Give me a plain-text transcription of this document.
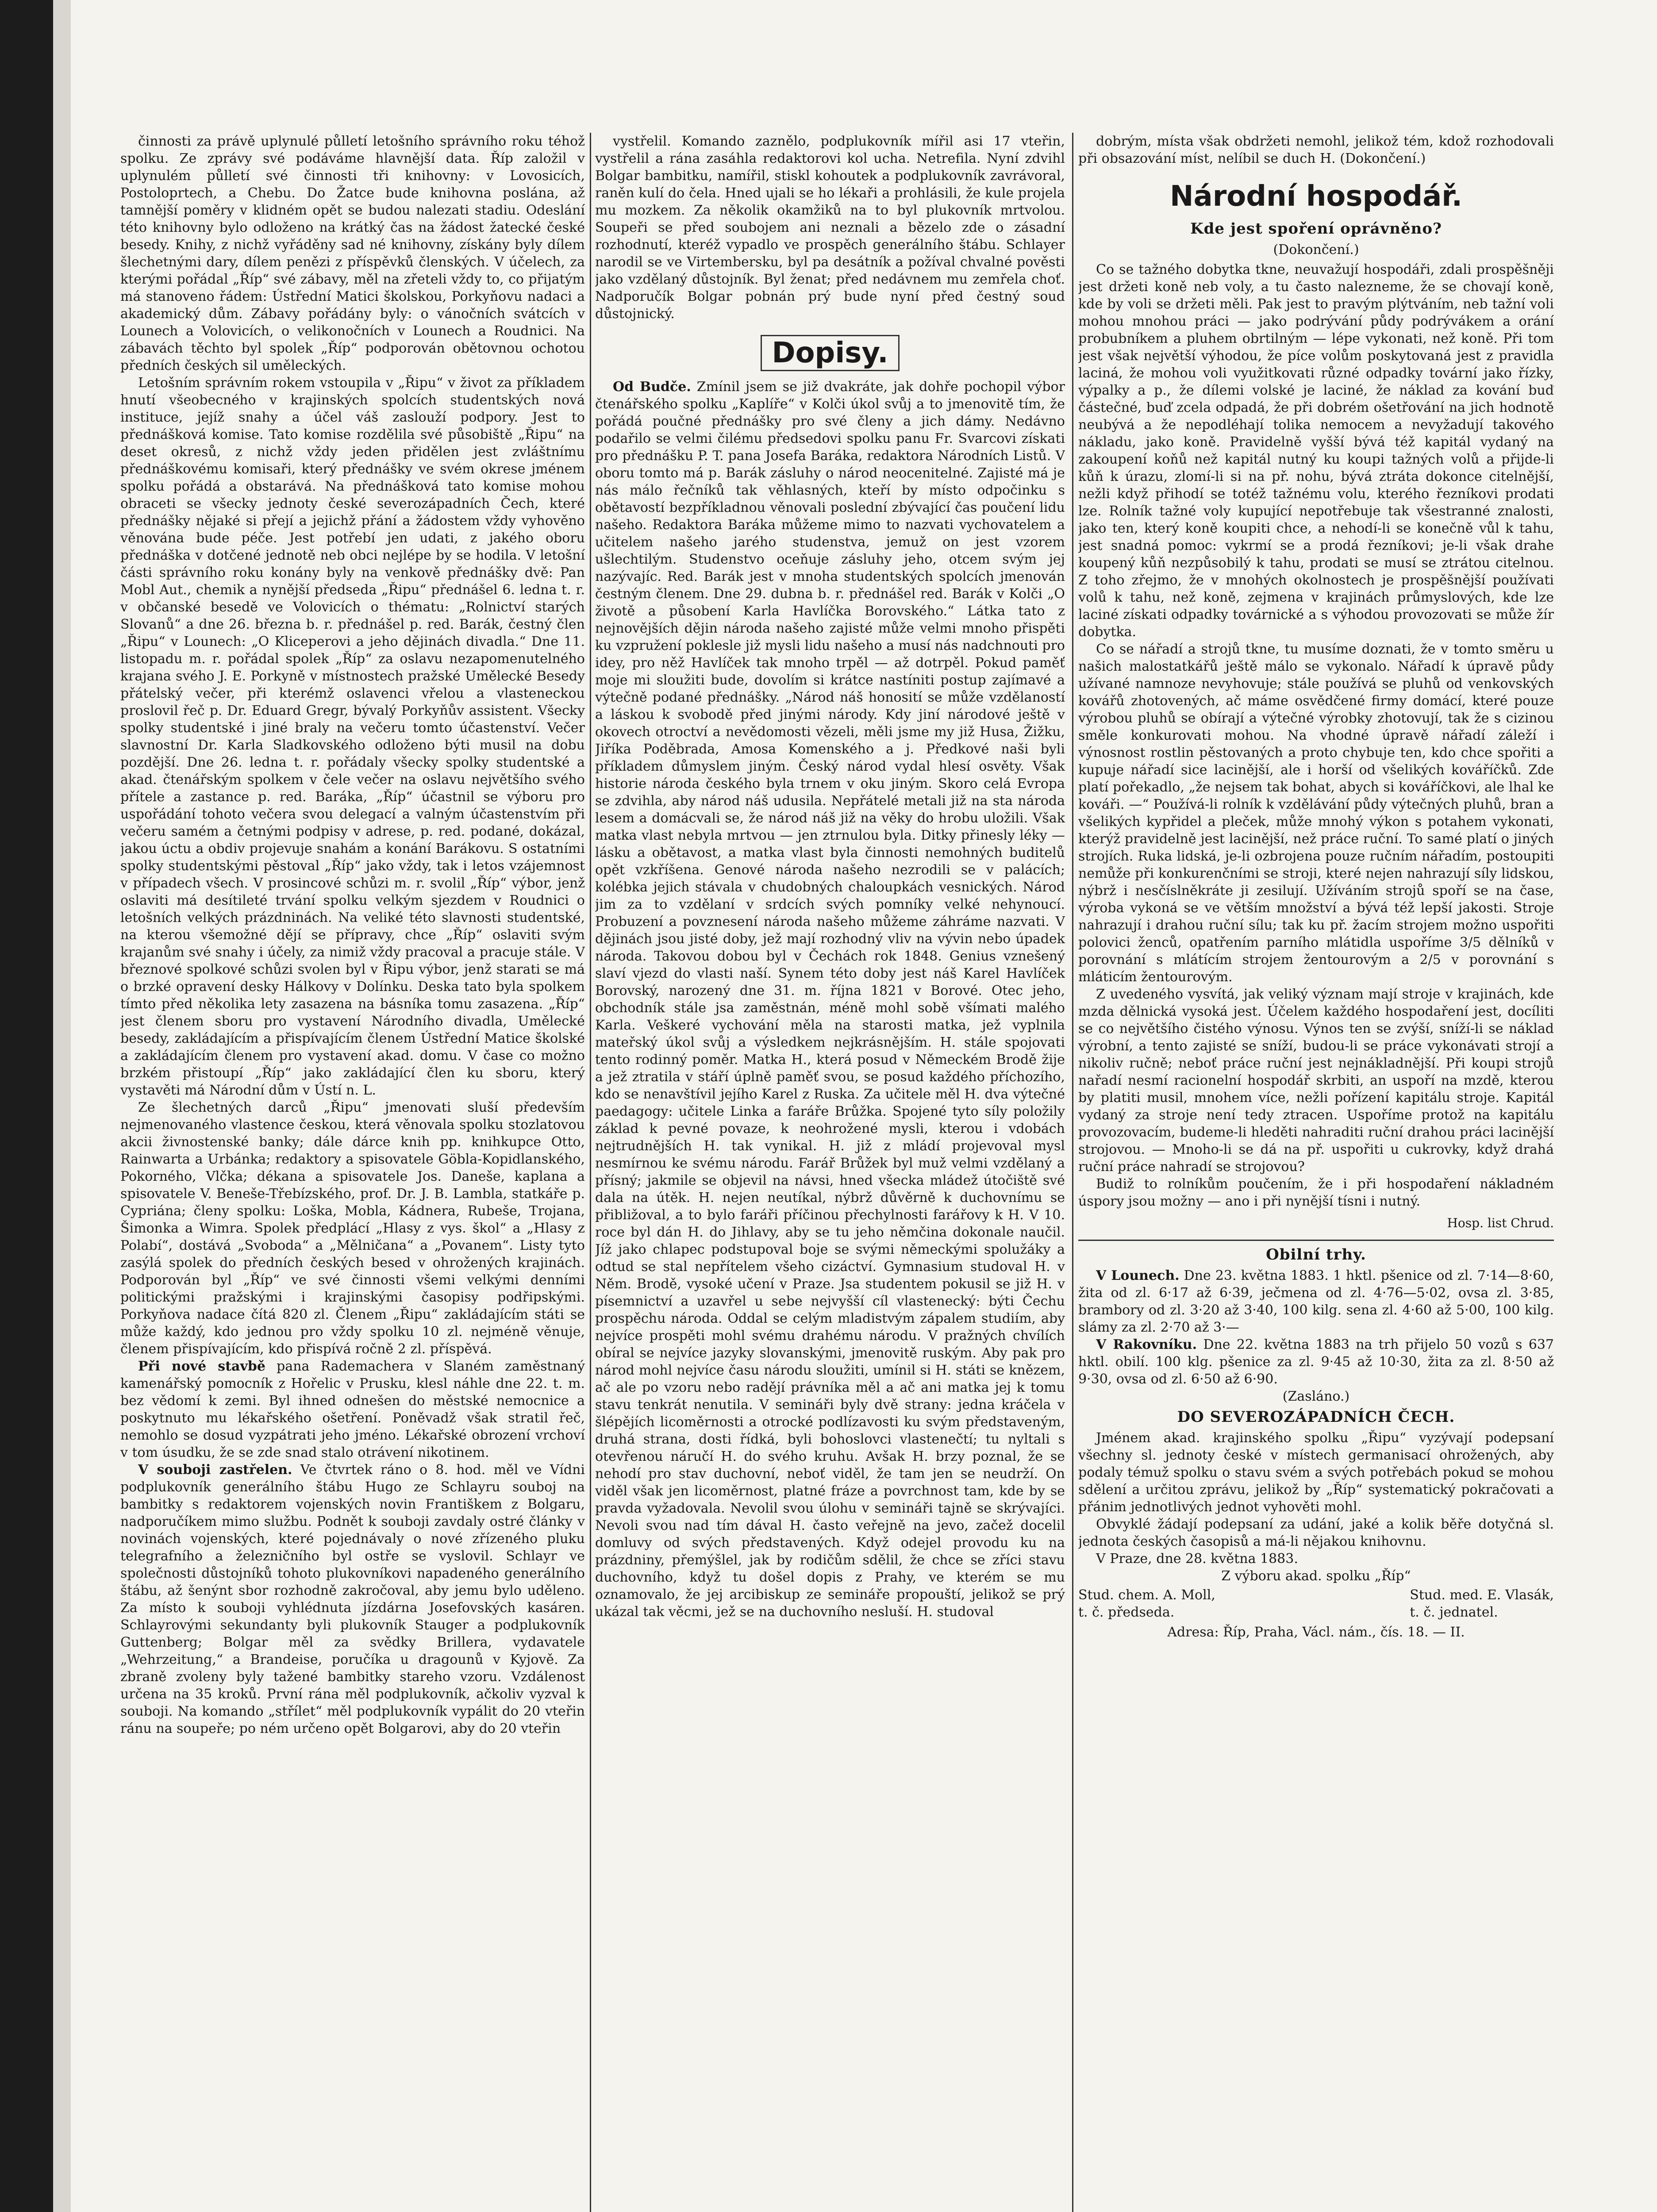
činnosti za právě uplynulé půlletí letošního správního roku téhož spolku. Ze zprávy své podáváme hlavnější data. Říp založil v uplynulém půlletí své činnosti tři knihovny: v Lovosicích, Postoloprtech, a Chebu. Do Žatce bude knihovna poslána, až tamnější poměry v klidném opět se budou nalezati stadiu. Odeslání této knihovny bylo odloženo na krátký čas na žádost žatecké české besedy. Knihy, z nichž vyřáděny sad né knihovny, získány byly dílem šlechetnými dary, dílem penězi z příspěvků členských. V účelech, za kterými pořádal „Říp“ své zábavy, měl na zřeteli vždy to, co přijatým má stanoveno řádem: Ústřední Matici školskou, Porkyňovu nadaci a akademický dům. Zábavy pořádány byly: o vánočních svátcích v Lounech a Volovicích, o velikonočních v Lounech a Roudnici. Na zábavách těchto byl spolek „Říp“ podporován obětovnou ochotou předních českých sil uměleckých.

Letošním správním rokem vstoupila v „Řipu“ v život za příkladem hnutí všeobecného v krajinských spolcích studentských nová instituce, jejíž snahy a účel váš zaslouží podpory. Jest to přednášková komise. Tato komise rozdělila své působiště „Řipu“ na deset okresů, z nichž vždy jeden přidělen jest zvláštnímu přednáškovému komisaři, který přednášky ve svém okrese jménem spolku pořádá a obstarává. Na přednášková tato komise mohou obraceti se všecky jednoty české severozápadních Čech, které přednášky nějaké si přejí a jejichž přání a žádostem vždy vyhověno věnována bude péče. Jest potřebí jen udati, z jakého oboru přednáška v dotčené jednotě neb obci nejlépe by se hodila. V letošní části správního roku konány byly na venkově přednášky dvě: Pan Mobl Aut., chemik a nynější předseda „Řipu“ přednášel 6. ledna t. r. v občanské besedě ve Volovicích o thématu: „Rolnictví starých Slovanů“ a dne 26. března b. r. přednášel p. red. Barák, čestný člen „Řipu“ v Lounech: „O Kliceperovi a jeho dějinách divadla.“ Dne 11. listopadu m. r. pořádal spolek „Říp“ za oslavu nezapomenutelného krajana svého J. E. Porkyně v místnostech pražské Umělecké Besedy přátelský večer, při kterémž oslavenci vřelou a vlasteneckou proslovil řeč p. Dr. Eduard Gregr, bývalý Porkyňův assistent. Všecky spolky studentské i jiné braly na večeru tomto účastenství. Večer slavnostní Dr. Karla Sladkovského odloženo býti musil na dobu pozdější. Dne 26. ledna t. r. pořádaly všecky spolky studentské a akad. čtenářským spolkem v čele večer na oslavu největšího svého přítele a zastance p. red. Baráka, „Říp“ účastnil se výboru pro uspořádání tohoto večera svou delegací a valným účastenstvím při večeru samém a četnými podpisy v adrese, p. red. podané, dokázal, jakou úctu a obdiv projevuje snahám a konání Barákovu. S ostatními spolky studentskými pěstoval „Říp“ jako vždy, tak i letos vzájemnost v případech všech. V prosincové schůzi m. r. svolil „Říp“ výbor, jenž oslaviti má desítileté trvání spolku velkým sjezdem v Roudnici o letošních velkých prázdninách. Na veliké této slavnosti studentské, na kterou všemožné dějí se přípravy, chce „Říp“ oslaviti svým krajanům své snahy i účely, za nimiž vždy pracoval a pracuje stále. V březnové spolkové schůzi svolen byl v Řipu výbor, jenž starati se má o brzké opravení desky Hálkovy v Dolínku. Deska tato byla spolkem tímto před několika lety zasazena na básníka tomu zasazena. „Říp“ jest členem sboru pro vystavení Národního divadla, Umělecké besedy, zakládajícím a přispívajícím členem Ústřední Matice školské a zakládajícím členem pro vystavení akad. domu. V čase co možno brzkém přistoupí „Říp“ jako zakládající člen ku sboru, který vystavěti má Národní dům v Ústí n. L.

Ze šlechetných darců „Řipu“ jmenovati sluší především nejmenovaného vlastence českou, která věnovala spolku stozlatovou akcii živnostenské banky; dále dárce knih pp. knihkupce Otto, Rainwarta a Urbánka; redaktory a spisovatele Göbla-Kopidlanského, Pokorného, Vlčka; dékana a spisovatele Jos. Daneše, kaplana a spisovatele V. Beneše-Třebízského, prof. Dr. J. B. Lambla, statkáře p. Cypriána; členy spolku: Loška, Mobla, Kádnera, Rubeše, Trojana, Šimonka a Wimra. Spolek předplácí „Hlasy z vys. škol“ a „Hlasy z Polabí“, dostává „Svoboda“ a „Mělničana“ a „Povanem“. Listy tyto zasýlá spolek do předních českých besed v ohrožených krajinách. Podporován byl „Říp“ ve své činnosti všemi velkými denními politickými pražskými i krajinskými časopisy podřipskými. Porkyňova nadace čítá 820 zl. Členem „Řipu“ zakládajícím státi se může každý, kdo jednou pro vždy spolku 10 zl. nejméně věnuje, členem přispívajícím, kdo přispívá ročně 2 zl. příspěvá.

Při nové stavbě pana Rademachera v Slaném zaměstnaný kamenářský pomocník z Hořelic v Prusku, klesl náhle dne 22. t. m. bez vědomí k zemi. Byl ihned odnešen do městské nemocnice a poskytnuto mu lékařského ošetření. Poněvadž však stratil řeč, nemohlo se dosud vyzpátrati jeho jméno. Lékařské obrození vrchoví v tom úsudku, že se zde snad stalo otrávení nikotinem.

V souboji zastřelen. Ve čtvrtek ráno o 8. hod. měl ve Vídni podplukovník generálního štábu Hugo ze Schlayru souboj na bambitky s redaktorem vojenských novin Františkem z Bolgaru, nadporučíkem mimo službu. Podnět k souboji zavdaly ostré články v novinách vojenských, které pojednávaly o nové zřízeného pluku telegrafního a železničního byl ostře se vyslovil. Schlayr ve společnosti důstojníků tohoto plukovníkovi napadeného generálního štábu, až šenýnt sbor rozhodně zakročoval, aby jemu bylo uděleno. Za místo k souboji vyhlédnuta jízdárna Josefovských kasáren. Schlayrovými sekundanty byli plukovník Stauger a podplukovník Guttenberg; Bolgar měl za svědky Brillera, vydavatele „Wehrzeitung,“ a Brandeise, poručíka u dragounů v Kyjově. Za zbraně zvoleny byly tažené bambitky stareho vzoru. Vzdálenost určena na 35 kroků. První rána měl podplukovník, ačkoliv vyzval k souboji. Na komando „střílet“ měl podplukovník vypálit do 20 vteřin ránu na soupeře; po ném určeno opět Bolgarovi, aby do 20 vteřin

vystřelil. Komando zaznělo, podplukovník mířil asi 17 vteřin, vystřelil a rána zasáhla redaktorovi kol ucha. Netrefila. Nyní zdvihl Bolgar bambitku, namířil, stiskl kohoutek a podplukovník zavrávoral, raněn kulí do čela. Hned ujali se ho lékaři a prohlásili, že kule projela mu mozkem. Za několik okamžiků na to byl plukovník mrtvolou. Soupeři se před soubojem ani neznali a bězelo zde o zásadní rozhodnutí, kteréž vypadlo ve prospěch generálního štábu. Schlayer narodil se ve Virtembersku, byl pa desátník a požíval chvalné pověsti jako vzdělaný důstojník. Byl ženat; před nedávnem mu zemřela choť. Nadporučík Bolgar pobnán prý bude nyní před čestný soud důstojnický.

Dopisy.

Od Budče. Zmínil jsem se již dvakráte, jak dohře pochopil výbor čtenářského spolku „Kaplíře“ v Kolči úkol svůj a to jmenovitě tím, že pořádá poučné přednášky pro své členy a jich dámy. Nedávno podařilo se velmi čilému předsedovi spolku panu Fr. Svarcovi získati pro přednášku P. T. pana Josefa Baráka, redaktora Národních Listů. V oboru tomto má p. Barák zásluhy o národ neocenitelné. Zajisté má je nás málo řečníků tak věhlasných, kteří by místo odpočinku s obětavostí bezpříkladnou věnovali poslední zbývající čas poučení lidu našeho. Redaktora Baráka můžeme mimo to nazvati vychovatelem a učitelem našeho jarého studenstva, jemuž on jest vzorem ušlechtilým. Studenstvo oceňuje zásluhy jeho, otcem svým jej nazývajíc. Red. Barák jest v mnoha studentských spolcích jmenován čestným členem. Dne 29. dubna b. r. přednášel red. Barák v Kolči „O životě a působení Karla Havlíčka Borovského.“ Látka tato z nejnovějších dějin národa našeho zajisté může velmi mnoho přispěti ku vzpružení poklesle již mysli lidu našeho a musí nás nadchnouti pro idey, pro něž Havlíček tak mnoho trpěl — až dotrpěl. Pokud paměť moje mi sloužiti bude, dovolím si krátce nastíniti postup zajímavé a výtečně podané přednášky. „Národ náš honosití se může vzdělaností a láskou k svobodě před jinými národy. Kdy jiní národové ještě v okovech otroctví a nevědomosti vězeli, měli jsme my již Husa, Žižku, Jiříka Poděbrada, Amosa Komenského a j. Předkové naši byli příkladem důmyslem jiným. Český národ vydal hlesí osvěty. Však historie národa českého byla trnem v oku jiným. Skoro celá Evropa se zdvihla, aby národ náš udusila. Nepřátelé metali již na sta národa lesem a domácvali se, že národ náš již na věky do hrobu uložili. Však matka vlast nebyla mrtvou — jen ztrnulou byla. Ditky přinesly léky — lásku a obětavost, a matka vlast byla činnosti nemohných buditelů opět vzkříšena. Genové národa našeho nezrodili se v palácích; kolébka jejich stávala v chudobných chaloupkách vesnických. Národ jim za to vzdělaní v srdcích svých pomníky velké nehynoucí. Probuzení a povznesení národa našeho můžeme záhráme nazvati. V dějinách jsou jisté doby, jež mají rozhodný vliv na vývin nebo úpadek národa. Takovou dobou byl v Čechách rok 1848. Genius vznešený slaví vjezd do vlasti naší. Synem této doby jest náš Karel Havlíček Borovský, narozený dne 31. m. října 1821 v Borové. Otec jeho, obchodník stále jsa zaměstnán, méně mohl sobě všímati malého Karla. Veškeré vychování měla na starosti matka, jež vyplnila mateřský úkol svůj a výsledkem nejkrásnějším. H. stále spojovati tento rodinný poměr. Matka H., která posud v Německém Brodě žije a jež ztratila v stáří úplně paměť svou, se posud každého příchozího, kdo se nenavštívil jejího Karel z Ruska. Za učitele měl H. dva výtečné paedagogy: učitele Linka a faráře Brůžka. Spojené tyto síly položily základ k pevné povaze, k neohrožené mysli, kterou i vdobách nejtrudnějších H. tak vynikal. H. již z mládí projevoval mysl nesmírnou ke svému národu. Farář Brůžek byl muž velmi vzdělaný a přísný; jakmile se objevil na návsi, hned všecka mládež útočiště své dala na útěk. H. nejen neutíkal, nýbrž důvěrně k duchovnímu se přibližoval, a to bylo faráři příčinou přechylnosti farářovy k H. V 10. roce byl dán H. do Jihlavy, aby se tu jeho němčina dokonale naučil. Jíž jako chlapec podstupoval boje se svými německými spolužáky a odtud se stal nepřítelem všeho cizáctví. Gymnasium studoval H. v Něm. Brodě, vysoké učení v Praze. Jsa studentem pokusil se již H. v písemnictví a uzavřel u sebe nejvyšší cíl vlastenecký: býti Čechu prospěchu národa. Oddal se celým mladistvým zápalem studiím, aby nejvíce prospěti mohl svému drahému národu. V pražných chvílích obíral se nejvíce jazyky slovanskými, jmenovitě ruským. Aby pak pro národ mohl nejvíce času národu sloužiti, umínil si H. státi se knězem, ač ale po vzoru nebo radějí právníka měl a ač ani matka jej k tomu stavu tenkrát nenutila. V semináři byly dvě strany: jedna kráčela v šlépějích licoměrnosti a otrocké podlízavosti ku svým představeným, druhá strana, dosti řídká, byli bohoslovci vlastenečtí; tu nyltali s otevřenou náručí H. do svého kruhu. Avšak H. brzy poznal, že se nehodí pro stav duchovní, neboť viděl, že tam jen se neudrží. On viděl však jen licoměrnost, platné fráze a povrchnost tam, kde by se pravda vyžadovala. Nevolil svou úlohu v semináři tajně se skrývajíci. Nevoli svou nad tím dával H. často veřejně na jevo, začež docelil domluvy od svých představených. Když odejel provodu ku na prázdniny, přemýšlel, jak by rodičům sdělil, že chce se zříci stavu duchovního, když tu došel dopis z Prahy, ve kterém se mu oznamovalo, že jej arcibiskup ze semináře propouští, jelikož se prý ukázal tak věcmi, jež se na duchovního nesluší. H. studoval

dobrým, místa však obdržeti nemohl, jelikož tém, kdož rozhodovali při obsazování míst, nelíbil se duch H. (Dokončení.)

Národní hospodář.
Kde jest spoření oprávněno?
(Dokončení.)

Co se tažného dobytka tkne, neuvažují hospodáři, zdali prospěšněji jest držeti koně neb voly, a tu často nalezneme, že se chovají koně, kde by voli se držeti měli. Pak jest to pravým plýtváním, neb tažní voli mohou mnohou práci — jako podrývání půdy podrývákem a orání probubníkem a pluhem obrtilným — lépe vykonati, než koně. Při tom jest však největší výhodou, že píce volům poskytovaná jest z pravidla laciná, že mohou voli využitkovati různé odpadky tovární jako řízky, výpalky a p., že dílemi volské je laciné, že náklad za kování buď částečné, buď zcela odpadá, že při dobrém ošetřování na jich hodnotě neubývá a že nepodléhají tolika nemocem a nevyžadují takového nákladu, jako koně. Pravidelně vyšší bývá též kapitál vydaný na zakoupení koňů než kapitál nutný ku koupi tažných volů a přijde-li kůň k úrazu, zlomí-li si na př. nohu, bývá ztráta dokonce citelnější, nežli když přihodí se totéž tažnému volu, kterého řezníkovi prodati lze. Rolník tažné voly kupující nepotřebuje tak všestranné znalosti, jako ten, který koně koupiti chce, a nehodí-li se konečně vůl k tahu, jest snadná pomoc: vykrmí se a prodá řezníkovi; je-li však drahe koupený kůň nezpůsobilý k tahu, prodati se musí se ztrátou citelnou. Z toho zřejmo, že v mnohých okolnostech je prospěšnější používati volů k tahu, než koně, zejmena v krajinách průmyslových, kde lze laciné získati odpadky továrnické a s výhodou provozovati se může žír dobytka.

Co se nářadí a strojů tkne, tu musíme doznati, že v tomto směru u našich malostatkářů ještě málo se vykonalo. Nářadí k úpravě půdy užívané namnoze nevyhovuje; stále používá se pluhů od venkovských kovářů zhotovených, ač máme osvědčené firmy domácí, které pouze výrobou pluhů se obírají a výtečné výrobky zhotovují, tak že s cizinou směle konkurovati mohou. Na vhodné úpravě nářadí záleží i výnosnost rostlin pěstovaných a proto chybuje ten, kdo chce spořiti a kupuje nářadí sice lacinější, ale i horší od všelikých kováříčků. Zde platí pořekadlo, „že nejsem tak bohat, abych si kováříčkovi, ale lhal ke kováři. —“ Používá-li rolník k vzdělávání půdy výtečných pluhů, bran a všelikých kypřidel a pleček, může mnohý výkon s potahem vykonati, kterýž pravidelně jest lacinější, než práce ruční. To samé platí o jiných strojích. Ruka lidská, je-li ozbrojena pouze ručním nářadím, postoupiti nemůže při konkurenčními se stroji, které nejen nahrazují síly lidskou, nýbrž i nesčíslněkráte ji zesilují. Užíváním strojů spoří se na čase, výroba vykoná se ve větším množství a bývá též lepší jakosti. Stroje nahrazují i drahou ruční sílu; tak ku př. žacím strojem možno uspořiti polovici ženců, opatřením parního mlátidla uspoříme 3/5 dělníků v porovnání s mlátícím strojem žentourovým a 2/5 v porovnání s mláticím žentourovým.

Z uvedeného vysvítá, jak veliký význam mají stroje v krajinách, kde mzda dělnická vysoká jest. Účelem každého hospodaření jest, docíliti se co největšího čistého výnosu. Výnos ten se zvýší, sníží-li se náklad výrobní, a tento zajisté se sníží, budou-li se práce vykonávati strojí a nikoliv ručně; neboť práce ruční jest nejnákladnější. Při koupi strojů nařadí nesmí racionelní hospodář skrbiti, an uspoří na mzdě, kterou by platiti musil, mnohem více, nežli pořízení kapitálu stroje. Kapitál vydaný za stroje není tedy ztracen. Uspoříme protož na kapitálu provozovacím, budeme-li hleděti nahraditi ruční drahou práci lacinější strojovou. — Mnoho-li se dá na př. uspořiti u cukrovky, když drahá ruční práce nahradí se strojovou?

Budiž to rolníkům poučením, že i při hospodaření nákladném úspory jsou možny — ano i při nynější tísni i nutný.

Hosp. list Chrud.
Obilní trhy.

V Lounech. Dne 23. května 1883. 1 hktl. pšenice od zl. 7·14—8·60, žita od zl. 6·17 až 6·39, ječmena od zl. 4·76—5·02, ovsa zl. 3·85, brambory od zl. 3·20 až 3·40, 100 kilg. sena zl. 4·60 až 5·00, 100 kilg. slámy za zl. 2·70 až 3·—

V Rakovníku. Dne 22. května 1883 na trh přijelo 50 vozů s 637 hktl. obilí. 100 klg. pšenice za zl. 9·45 až 10·30, žita za zl. 8·50 až 9·30, ovsa od zl. 6·50 až 6·90.

(Zasláno.)
DO SEVEROZÁPADNÍCH ČECH.

Jménem akad. krajinského spolku „Řipu“ vyzývají podepsaní všechny sl. jednoty české v místech germanisací ohrožených, aby podaly témuž spolku o stavu svém a svých potřebách pokud se mohou sdělení a určitou zprávu, jelikož by „Říp“ systematický pokračovati a přánim jednotlivých jednot vyhověti mohl.

Obvyklé žádají podepsaní za udání, jaké a kolik běře dotyčná sl. jednota českých časopisů a má-li nějakou knihovnu.

V Praze, dne 28. května 1883.

Z výboru akad. spolku „Říp“
Stud. chem. A. Moll,
t. č. předseda.
Stud. med. E. Vlasák,
t. č. jednatel.
Adresa: Říp, Praha, Václ. nám., čís. 18. — II.
